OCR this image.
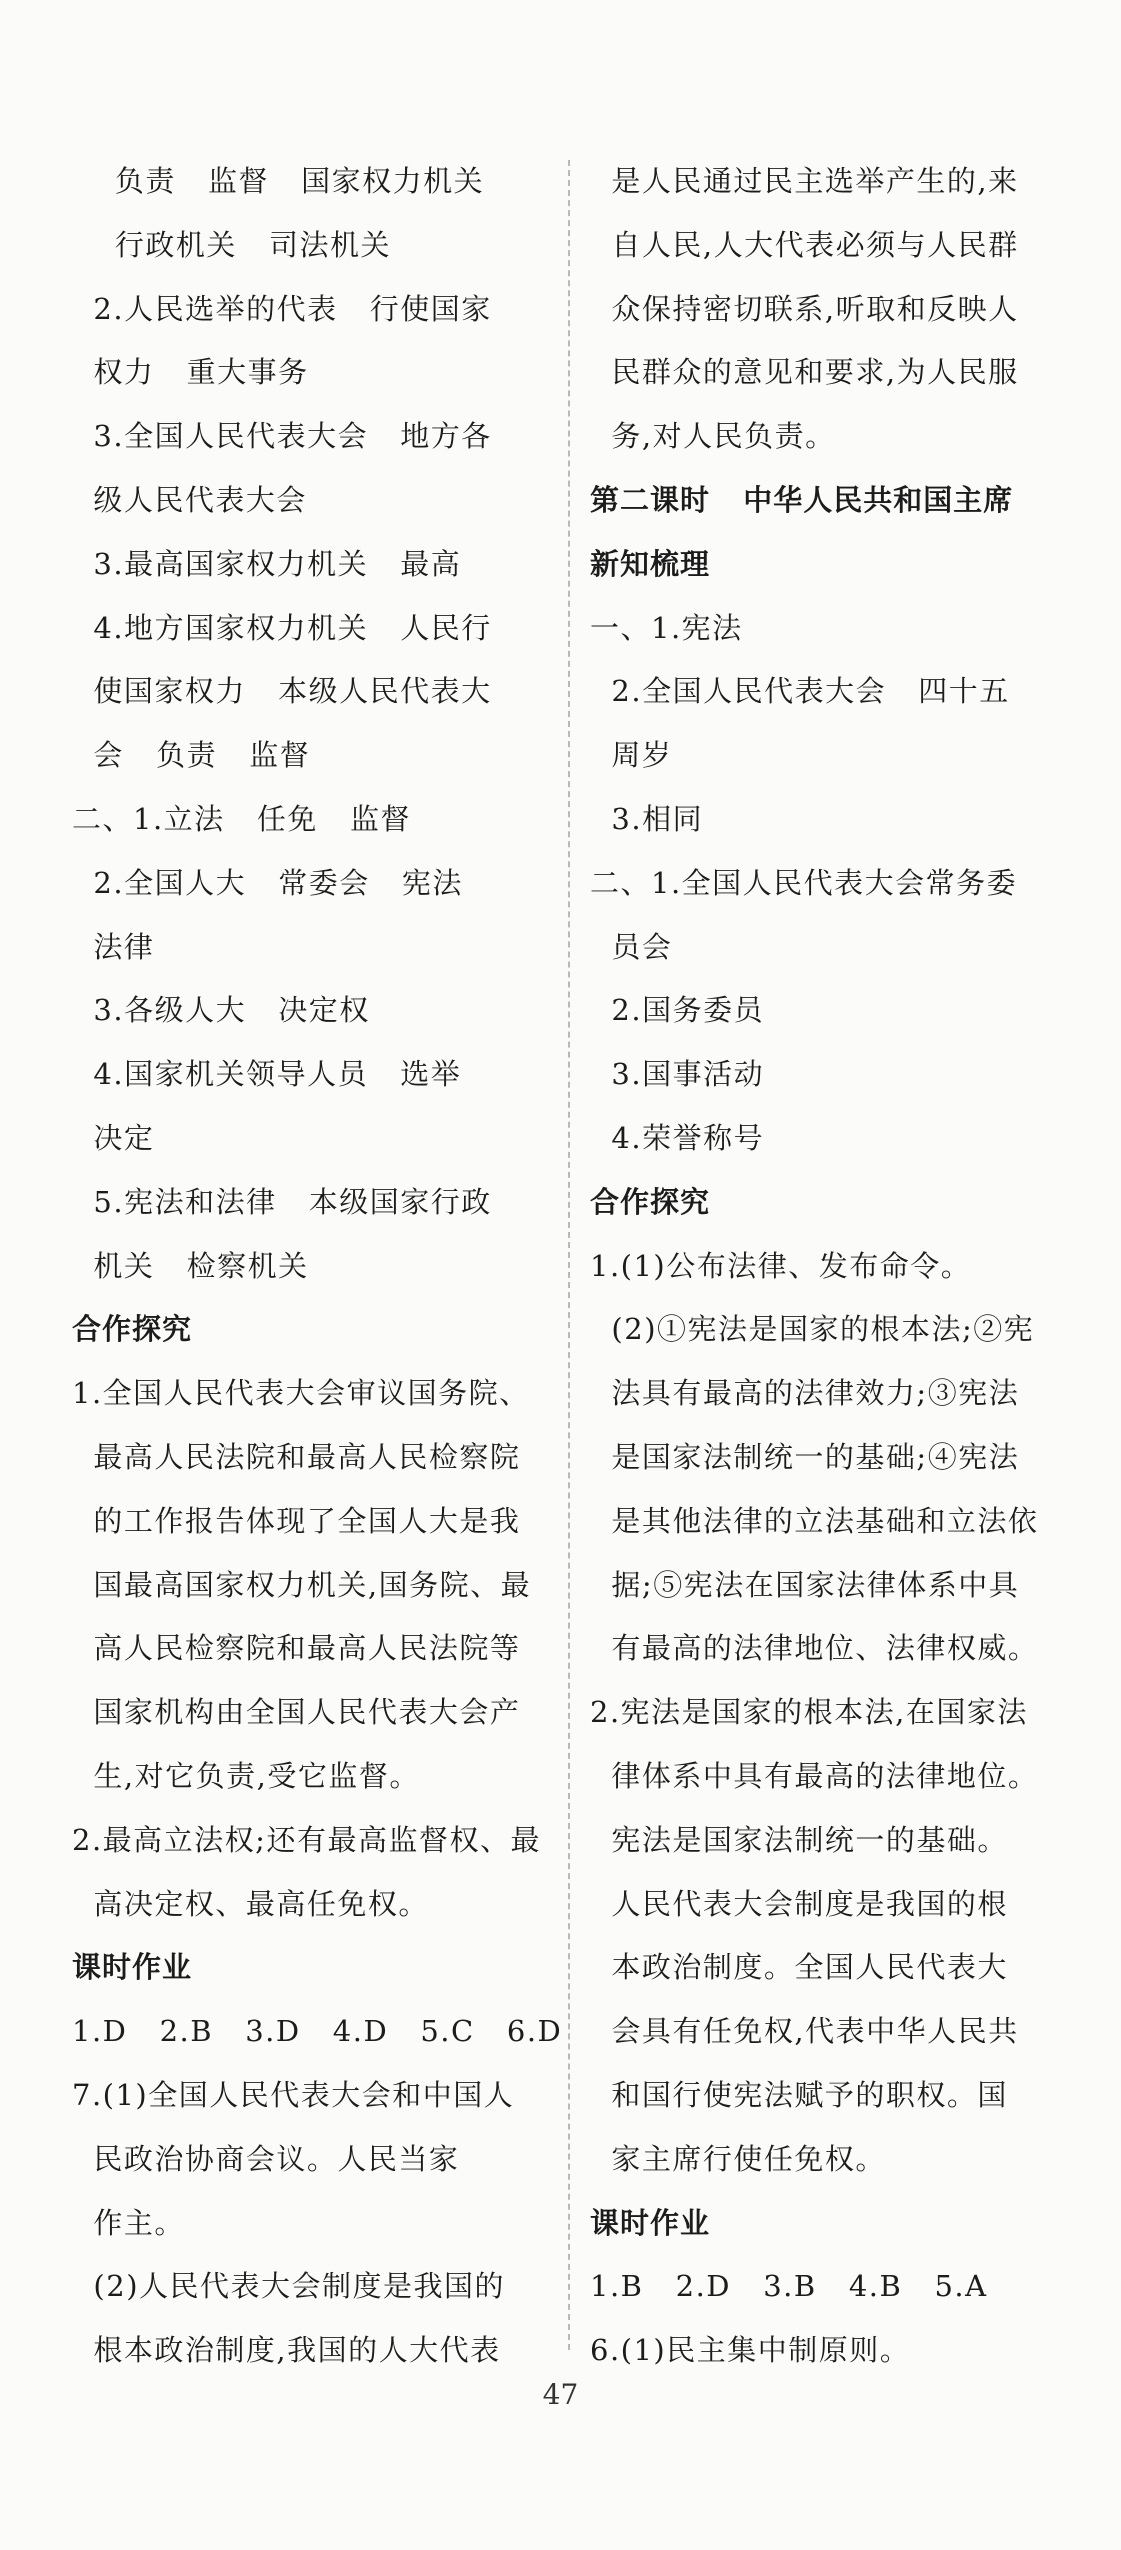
负责   监督   国家权力机关
行政机关   司法机关
2.人民选举的代表   行使国家
权力   重大事务
3.全国人民代表大会   地方各
级人民代表大会
3.最高国家权力机关   最高
4.地方国家权力机关   人民行
使国家权力   本级人民代表大
会   负责   监督
二、1.立法   任免   监督
2.全国人大   常委会   宪法
法律
3.各级人大   决定权
4.国家机关领导人员   选举
决定
5.宪法和法律   本级国家行政
机关   检察机关
合作探究
1.全国人民代表大会审议国务院、
最高人民法院和最高人民检察院
的工作报告体现了全国人大是我
国最高国家权力机关,国务院、最
高人民检察院和最高人民法院等
国家机构由全国人民代表大会产
生,对它负责,受它监督。
2.最高立法权;还有最高监督权、最
高决定权、最高任免权。
课时作业
1.D   2.B   3.D   4.D   5.C   6.D
7.(1)全国人民代表大会和中国人
民政治协商会议。人民当家
作主。
(2)人民代表大会制度是我国的
根本政治制度,我国的人大代表
是人民通过民主选举产生的,来
自人民,人大代表必须与人民群
众保持密切联系,听取和反映人
民群众的意见和要求,为人民服
务,对人民负责。
第二课时   中华人民共和国主席
新知梳理
一、1.宪法
2.全国人民代表大会   四十五
周岁
3.相同
二、1.全国人民代表大会常务委
员会
2.国务委员
3.国事活动
4.荣誉称号
合作探究
1.(1)公布法律、发布命令。
(2)①宪法是国家的根本法;②宪
法具有最高的法律效力;③宪法
是国家法制统一的基础;④宪法
是其他法律的立法基础和立法依
据;⑤宪法在国家法律体系中具
有最高的法律地位、法律权威。
2.宪法是国家的根本法,在国家法
律体系中具有最高的法律地位。
宪法是国家法制统一的基础。
人民代表大会制度是我国的根
本政治制度。全国人民代表大
会具有任免权,代表中华人民共
和国行使宪法赋予的职权。国
家主席行使任免权。
课时作业
1.B   2.D   3.B   4.B   5.A
6.(1)民主集中制原则。
47
